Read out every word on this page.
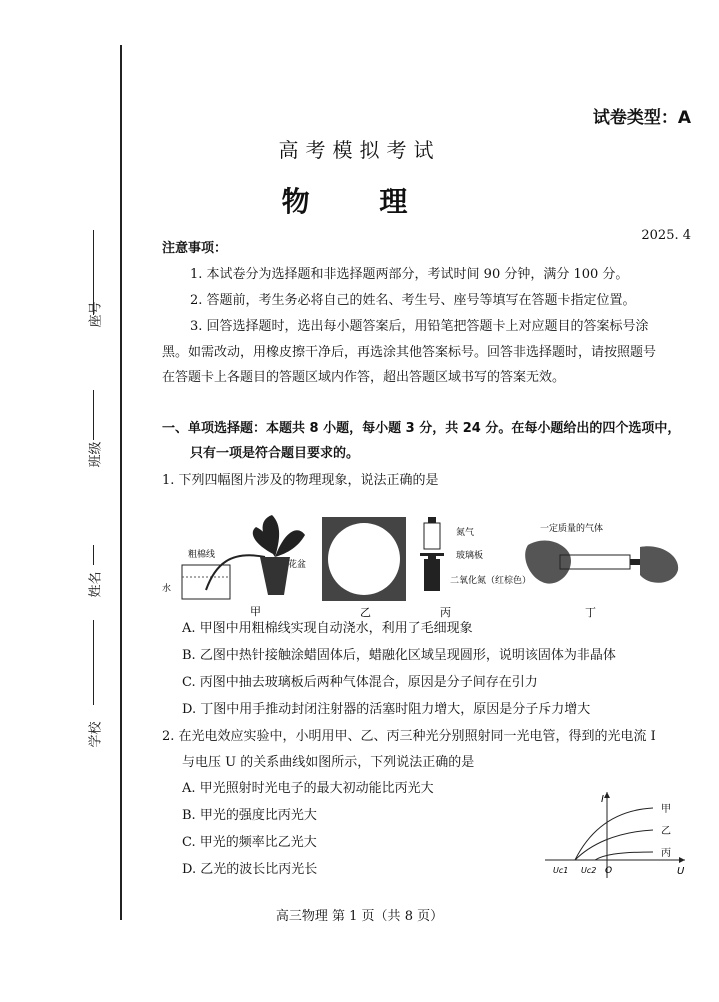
座号
班级
姓名
学校
试卷类型：A
高考模拟考试
物 理
2025. 4
注意事项：
1. 本试卷分为选择题和非选择题两部分，考试时间 90 分钟，满分 100 分。
2. 答题前，考生务必将自己的姓名、考生号、座号等填写在答题卡指定位置。
3. 回答选择题时，选出每小题答案后，用铅笔把答题卡上对应题目的答案标号涂
黑。如需改动，用橡皮擦干净后，再选涂其他答案标号。回答非选择题时，请按照题号
在答题卡上各题目的答题区域内作答，超出答题区域书写的答案无效。
一、单项选择题：本题共 8 小题，每小题 3 分，共 24 分。在每小题给出的四个选项中，
只有一项是符合题目要求的。
1. 下列四幅图片涉及的物理现象，说法正确的是
粗棉线
花盆
水
甲	乙
氮气
玻璃板
二氧化氮（红棕色）
丙
一定质量的气体
丁
A. 甲图中用粗棉线实现自动浇水，利用了毛细现象
B. 乙图中热针接触涂蜡固体后，蜡融化区域呈现圆形，说明该固体为非晶体
C. 丙图中抽去玻璃板后两种气体混合，原因是分子间存在引力
D. 丁图中用手推动封闭注射器的活塞时阻力增大，原因是分子斥力增大
2. 在光电效应实验中，小明用甲、乙、丙三种光分别照射同一光电管，得到的光电流 I
与电压 U 的关系曲线如图所示，下列说法正确的是
A. 甲光照射时光电子的最大初动能比丙光大
B. 甲光的强度比丙光大
C. 甲光的频率比乙光大
D. 乙光的波长比丙光长
I
U
Uc1 Uc2 O
甲
乙
丙
高三物理 第 1 页（共 8 页）
